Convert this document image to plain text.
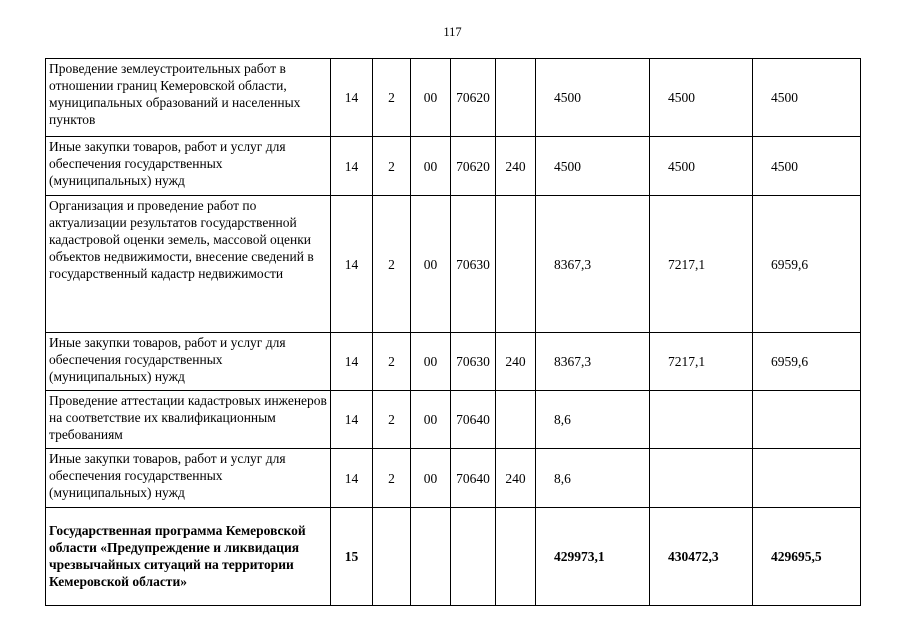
117
Проведение землеустроительных работ в отношении границ Кемеровской области, муниципальных образований и населенных пунктов	14	2	00	70620		4500	4500	4500
Иные закупки товаров, работ и услуг для обеспечения государственных (муниципальных) нужд	14	2	00	70620	240	4500	4500	4500
Организация и проведение работ по актуализации результатов государственной кадастровой оценки земель, массовой оценки объектов недвижимости, внесение сведений в государственный кадастр недвижимости	14	2	00	70630		8367,3	7217,1	6959,6
Иные закупки товаров, работ и услуг для обеспечения государственных (муниципальных) нужд	14	2	00	70630	240	8367,3	7217,1	6959,6
Проведение аттестации кадастровых инженеров на соответствие их квалификационным требованиям	14	2	00	70640		8,6		
Иные закупки товаров, работ и услуг для обеспечения государственных (муниципальных) нужд	14	2	00	70640	240	8,6		
Государственная программа Кемеровской области «Предупреждение и ликвидация чрезвычайных ситуаций на территории Кемеровской области»	15					429973,1	430472,3	429695,5
